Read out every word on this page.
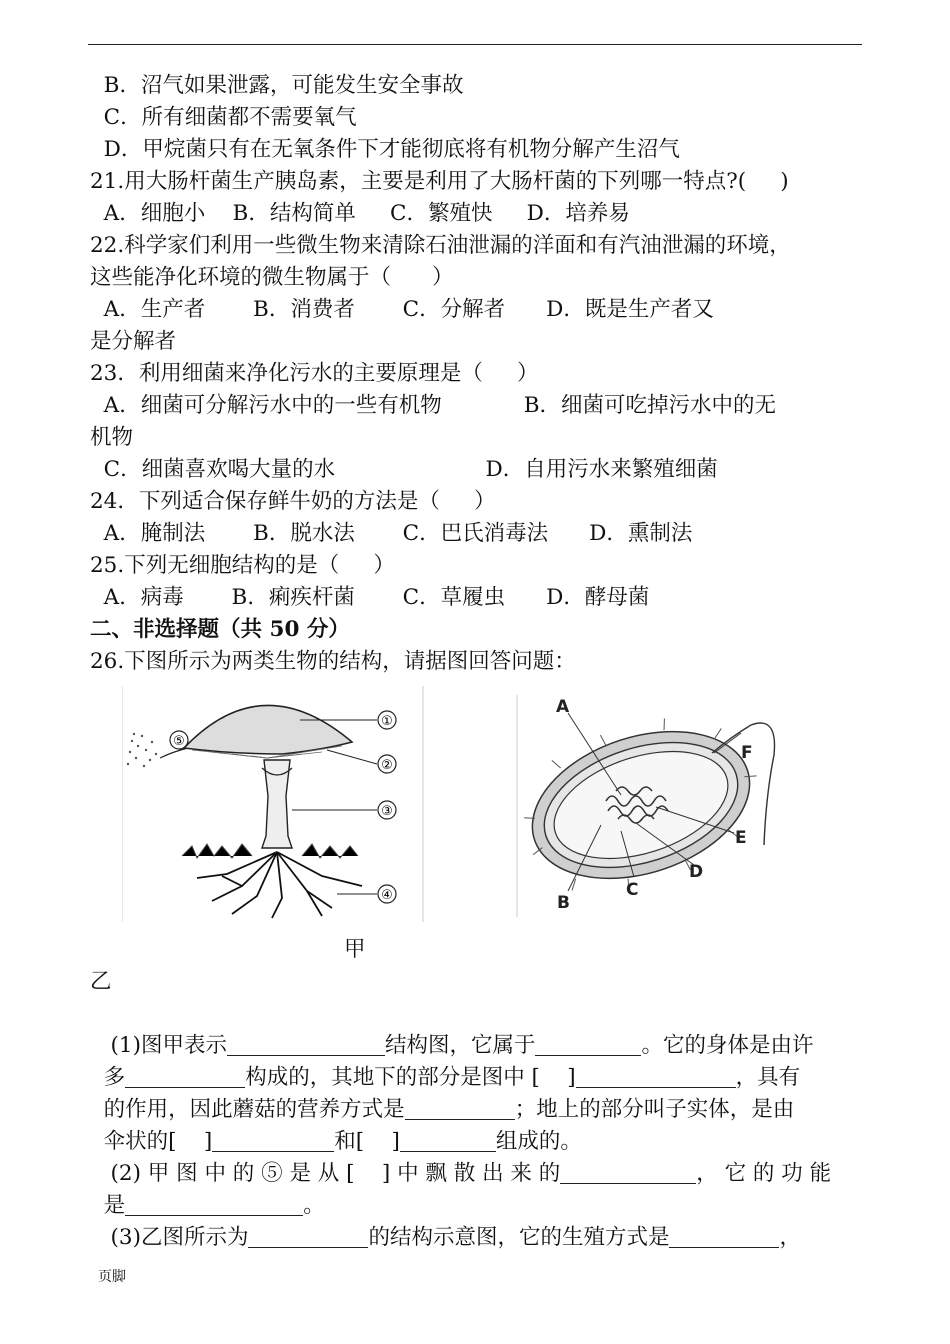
B．沼气如果泄露，可能发生安全事故
C．所有细菌都不需要氧气
D．甲烷菌只有在无氧条件下才能彻底将有机物分解产生沼气
21.用大肠杆菌生产胰岛素，主要是利用了大肠杆菌的下列哪一特点?(     )
A．细胞小    B．结构简单     C．繁殖快     D．培养易
22.科学家们利用一些微生物来清除石油泄漏的洋面和有汽油泄漏的环境，
这些能净化环境的微生物属于（      ）
A．生产者       B．消费者       C．分解者      D．既是生产者又
是分解者
23．利用细菌来净化污水的主要原理是（     ）
A．细菌可分解污水中的一些有机物            B．细菌可吃掉污水中的无
机物
C．细菌喜欢喝大量的水                      D．自用污水来繁殖细菌
24．下列适合保存鲜牛奶的方法是（     ）
A．腌制法       B．脱水法       C．巴氏消毒法      D．熏制法
25.下列无细胞结构的是（     ）
A．病毒       B．痢疾杆菌       C．草履虫      D．酵母菌
二、非选择题（共 50 分）
26.下图所示为两类生物的结构，请据图回答问题：
⑤
①
②
③
④
A
B
C
D
E
F
甲
乙

(1)图甲表示	结构图，它属于	。它的身体是由许

多	构成的，其地下的部分是图中 [    ]	，具有

的作用，因此蘑菇的营养方式是	；地上的部分叫子实体，是由

伞状的[    ]	和[    ]	组成的。

(2) 甲 图 中 的 ⑤ 是 从 [    ] 中 飘 散 出 来 的	， 它 的 功 能

是	。

(3)乙图所示为	的结构示意图，它的生殖方式是	，

页脚
